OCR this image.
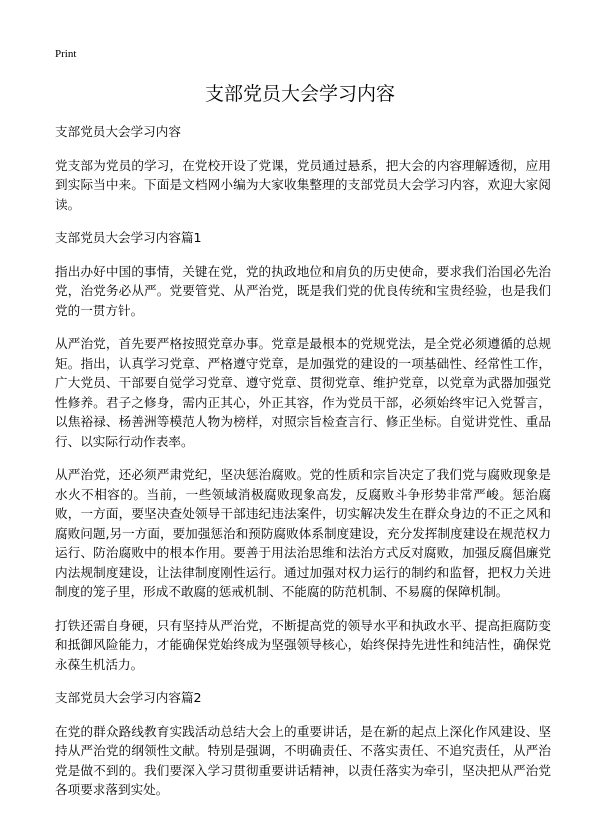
Print
支部党员大会学习内容
支部党员大会学习内容
党支部为党员的学习，在党校开设了党课，党员通过悬系，把大会的内容理解透彻，应用到实际当中来。下面是文档网小编为大家收集整理的支部党员大会学习内容，欢迎大家阅读。
支部党员大会学习内容篇1
指出办好中国的事情，关键在党，党的执政地位和肩负的历史使命，要求我们治国必先治党，治党务必从严。党要管党、从严治党，既是我们党的优良传统和宝贵经验，也是我们党的一贯方针。
从严治党，首先要严格按照党章办事。党章是最根本的党规党法，是全党必须遵循的总规矩。指出，认真学习党章、严格遵守党章，是加强党的建设的一项基础性、经常性工作，广大党员、干部要自觉学习党章、遵守党章、贯彻党章、维护党章，以党章为武器加强党性修养。君子之修身，需内正其心，外正其容，作为党员干部，必须始终牢记入党誓言，以焦裕禄、杨善洲等模范人物为榜样，对照宗旨检查言行、修正坐标。自觉讲党性、重品行、以实际行动作表率。
从严治党，还必须严肃党纪，坚决惩治腐败。党的性质和宗旨决定了我们党与腐败现象是水火不相容的。当前，一些领域消极腐败现象高发，反腐败斗争形势非常严峻。惩治腐败，一方面，要坚决查处领导干部违纪违法案件，切实解决发生在群众身边的不正之风和腐败问题,另一方面，要加强惩治和预防腐败体系制度建设，充分发挥制度建设在规范权力运行、防治腐败中的根本作用。要善于用法治思维和法治方式反对腐败，加强反腐倡廉党内法规制度建设，让法律制度刚性运行。通过加强对权力运行的制约和监督，把权力关进制度的笼子里，形成不敢腐的惩戒机制、不能腐的防范机制、不易腐的保障机制。
打铁还需自身硬，只有坚持从严治党，不断提高党的领导水平和执政水平、提高拒腐防变和抵御风险能力，才能确保党始终成为坚强领导核心，始终保持先进性和纯洁性，确保党永葆生机活力。
支部党员大会学习内容篇2
在党的群众路线教育实践活动总结大会上的重要讲话，是在新的起点上深化作风建设、坚持从严治党的纲领性文献。特别是强调，不明确责任、不落实责任、不追究责任，从严治党是做不到的。我们要深入学习贯彻重要讲话精神，以责任落实为牵引，坚决把从严治党各项要求落到实处。
